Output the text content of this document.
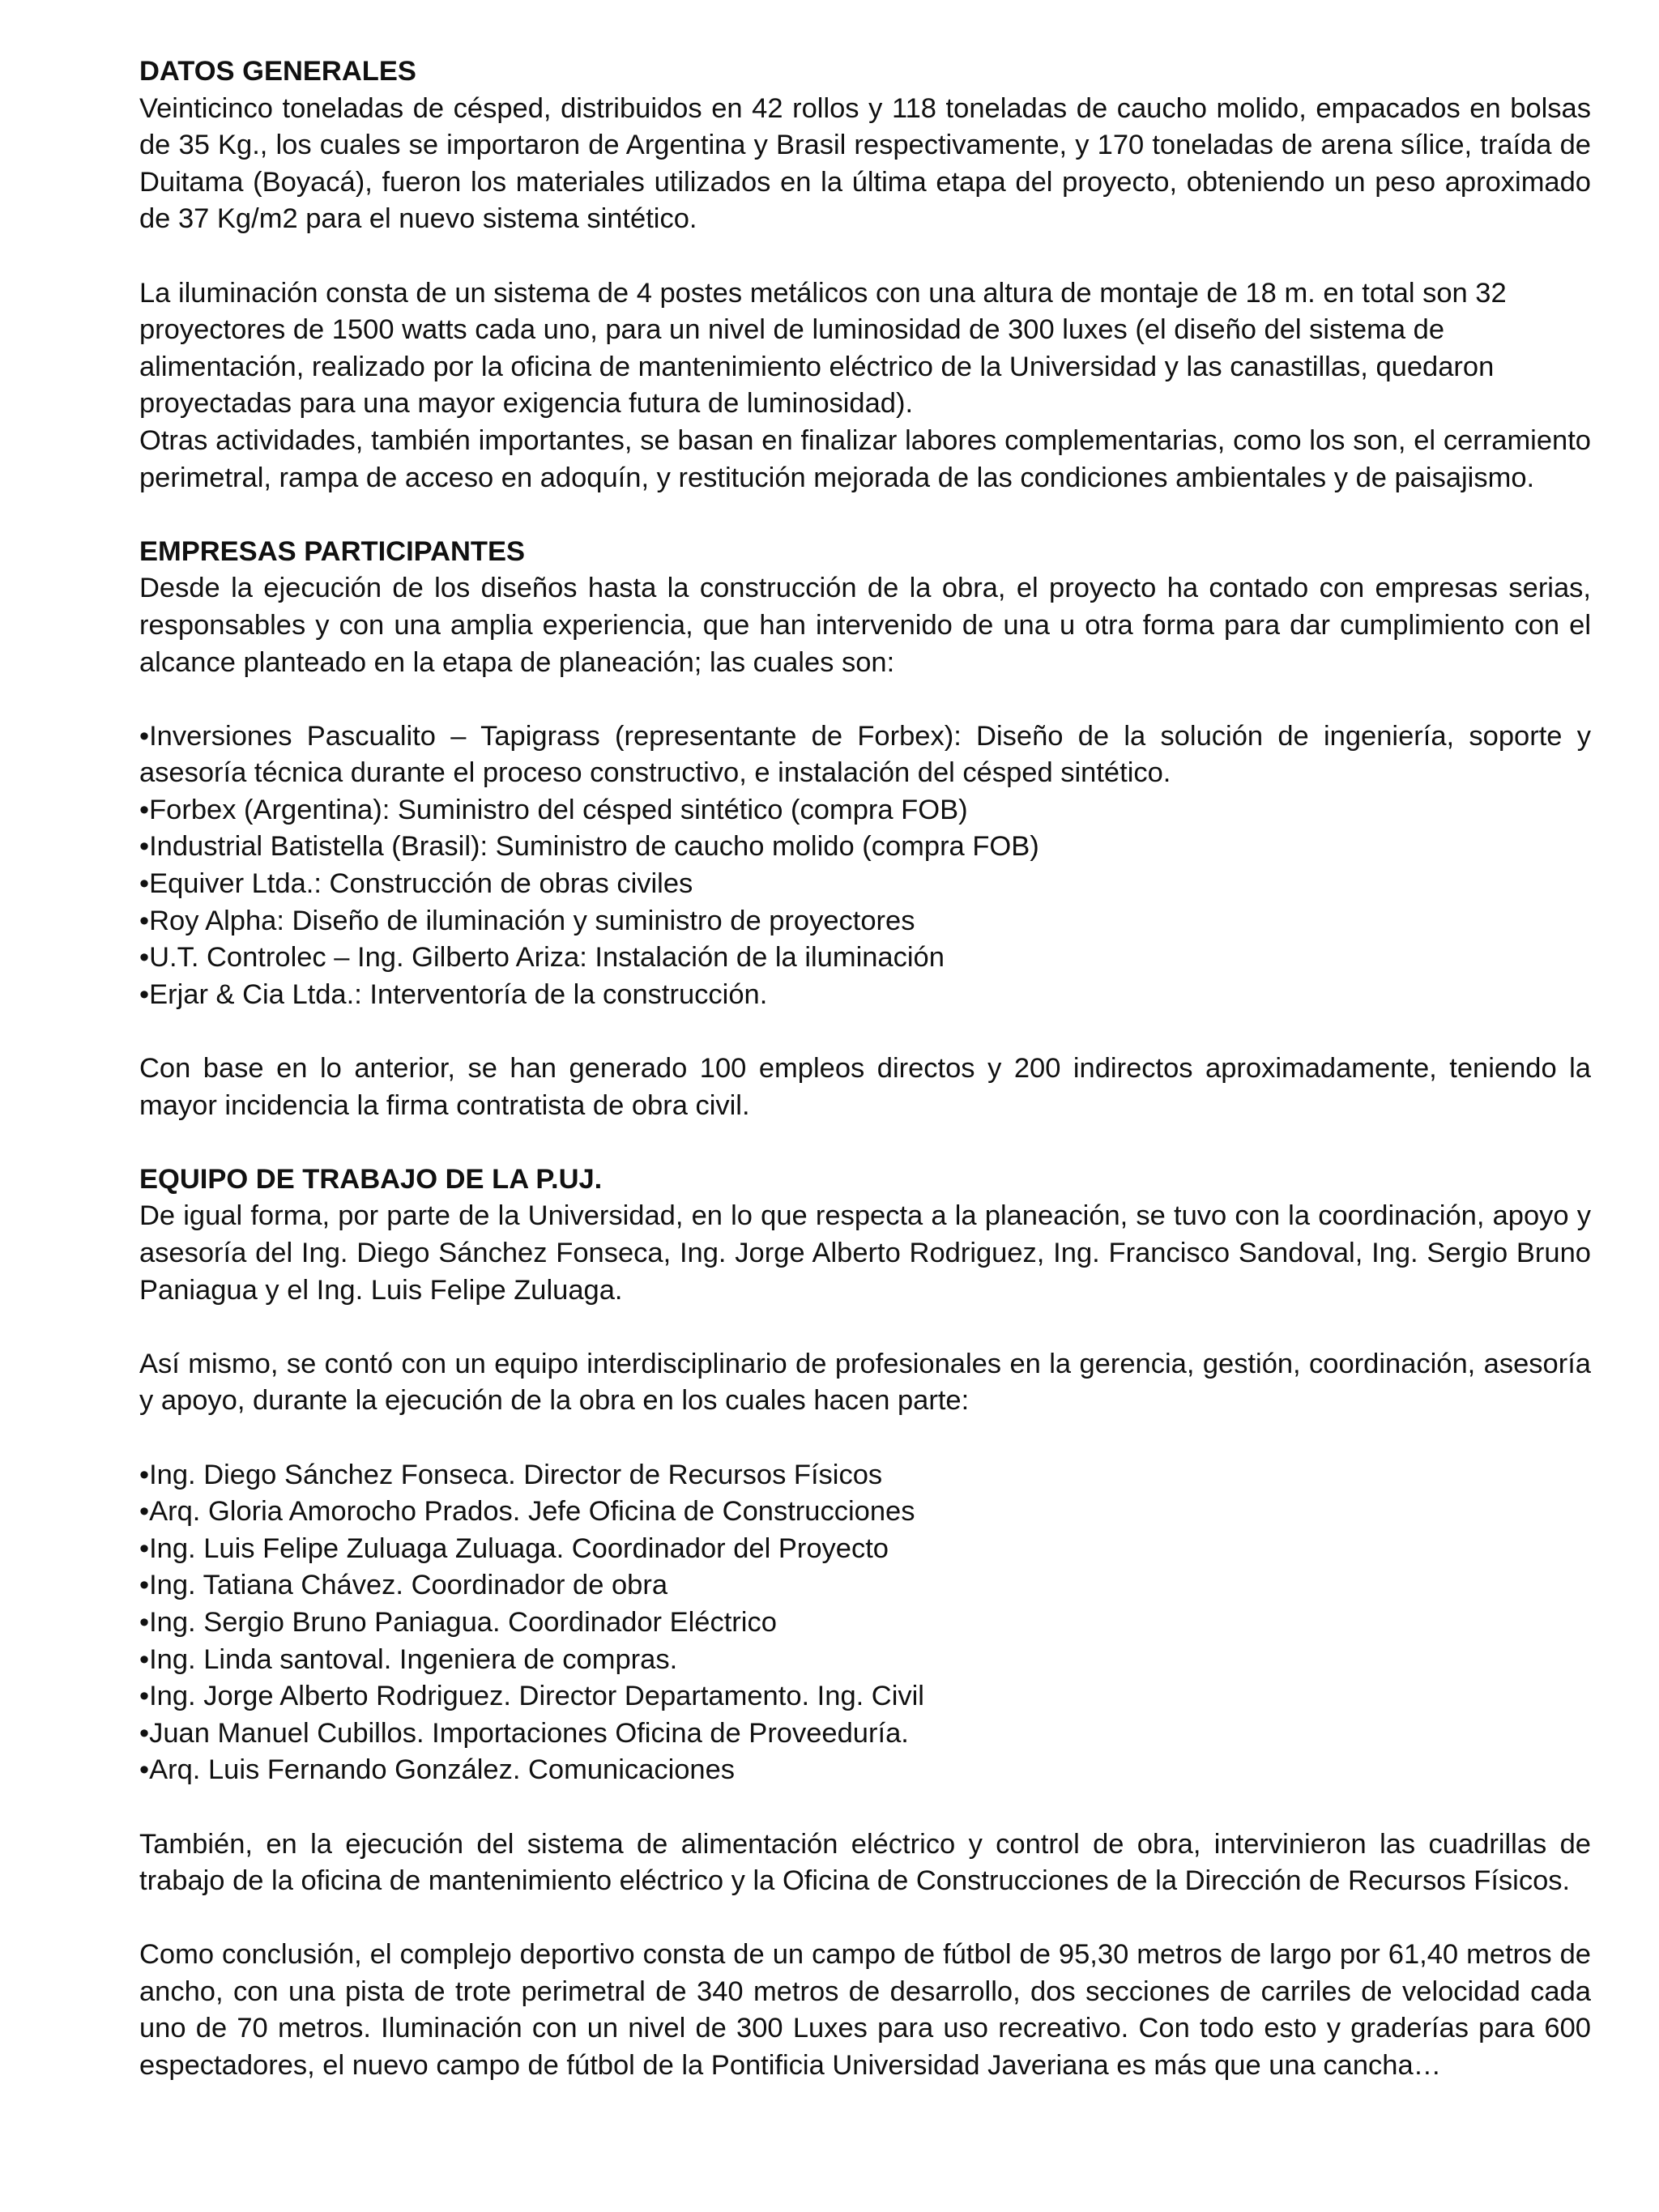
DATOS GENERALES

Veinticinco toneladas de césped, distribuidos en 42 rollos y 118 toneladas de caucho molido, empacados en bolsas de 35 Kg., los cuales se importaron de Argentina y Brasil respectivamente, y 170 toneladas de arena sílice, traída de Duitama (Boyacá), fueron los materiales utilizados en la última etapa del proyecto, obteniendo un peso aproximado de 37 Kg/m2 para el nuevo sistema sintético.

La iluminación consta de un sistema de 4 postes metálicos con una altura de montaje de 18 m. en total son 32 proyectores de 1500 watts cada uno, para un nivel de luminosidad de 300 luxes (el diseño del sistema de alimentación, realizado por la oficina de mantenimiento eléctrico de la Universidad y las canastillas, quedaron proyectadas para una mayor exigencia futura de luminosidad).

Otras actividades, también importantes, se basan en finalizar labores complementarias, como los son, el cerramiento perimetral, rampa de acceso en adoquín, y restitución mejorada de las condiciones ambientales y de paisajismo.

EMPRESAS PARTICIPANTES

Desde la ejecución de los diseños hasta la construcción de la obra, el proyecto ha contado con empresas serias, responsables y con una amplia experiencia, que han intervenido de una u otra forma para dar cumplimiento con el alcance planteado en la etapa de planeación; las cuales son:

• Inversiones Pascualito – Tapigrass (representante de Forbex): Diseño de la solución de ingeniería, soporte y asesoría técnica durante el proceso constructivo, e instalación del césped sintético.
• Forbex (Argentina): Suministro del césped sintético (compra FOB)
• Industrial Batistella (Brasil): Suministro de caucho molido (compra FOB)
• Equiver Ltda.: Construcción de obras civiles
• Roy Alpha: Diseño de iluminación y suministro de proyectores
• U.T. Controlec – Ing. Gilberto Ariza: Instalación de la iluminación
• Erjar & Cia Ltda.: Interventoría de la construcción.

Con base en lo anterior, se han generado 100 empleos directos y 200 indirectos aproximadamente, teniendo la mayor incidencia la firma contratista de obra civil.

EQUIPO DE TRABAJO DE LA P.UJ.

De igual forma, por parte de la Universidad, en lo que respecta a la planeación, se tuvo con la coordinación, apoyo y asesoría del Ing. Diego Sánchez Fonseca, Ing. Jorge Alberto Rodriguez, Ing. Francisco Sandoval, Ing. Sergio Bruno Paniagua y el Ing. Luis Felipe Zuluaga.

Así mismo, se contó con un equipo interdisciplinario de profesionales en la gerencia, gestión, coordinación, asesoría y apoyo, durante la ejecución de la obra en los cuales hacen parte:

• Ing. Diego Sánchez Fonseca. Director de Recursos Físicos
• Arq. Gloria Amorocho Prados. Jefe Oficina de Construcciones
• Ing. Luis Felipe Zuluaga Zuluaga. Coordinador del Proyecto
• Ing. Tatiana Chávez. Coordinador de obra
• Ing. Sergio Bruno Paniagua. Coordinador Eléctrico
• Ing. Linda santoval. Ingeniera de compras.
• Ing. Jorge Alberto Rodriguez. Director Departamento. Ing. Civil
• Juan Manuel Cubillos. Importaciones Oficina de Proveeduría.
• Arq. Luis Fernando González. Comunicaciones

También, en la ejecución del sistema de alimentación eléctrico y control de obra, intervinieron las cuadrillas de trabajo de la oficina de mantenimiento eléctrico y la Oficina de Construcciones de la Dirección de Recursos Físicos.

Como conclusión, el complejo deportivo consta de un campo de fútbol de 95,30 metros de largo por 61,40 metros de ancho, con una pista de trote perimetral de 340 metros de desarrollo, dos secciones de carriles de velocidad cada uno de 70 metros. Iluminación con un nivel de 300 Luxes para uso recreativo. Con todo esto y graderías para 600 espectadores, el nuevo campo de fútbol de la Pontificia Universidad Javeriana es más que una cancha…
